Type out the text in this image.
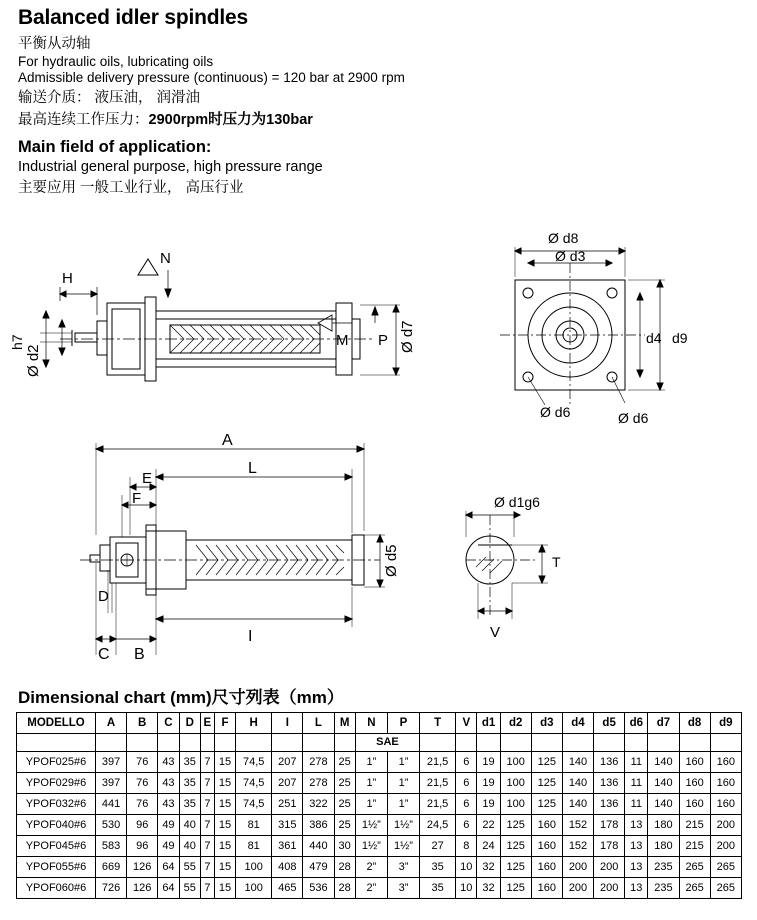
Balanced idler spindles

平衡从动轴

For hydraulic oils, lubricating oils

Admissible delivery pressure (continuous) = 120 bar at 2900 rpm

输送介质： 液压油， 润滑油

最高连续工作压力：2900rpm时压力为130bar

Main field of application:

Industrial general purpose, high pressure range

主要应用 一般工业行业， 高压行业

H
N
h7
Ø d2
P
M	Ø d7
Ø d8
Ø d3
d4 d9
Ø d6	Ø d6
A
E
F
L
Ø d5
D
C B
I
Ø d1g6
T
V
Dimensional chart (mm)尺寸列表（mm）
MODELLO	A	B	C	D	E	F	H	I	L	M	N	P	T	V	d1	d2	d3	d4	d5	d6	d7	d8	d9
											SAE												
YPOF025#6	397	76	43	35	7	15	74,5	207	278	25	1”	1”	21,5	6	19	100	125	140	136	11	140	160	160
YPOF029#6	397	76	43	35	7	15	74,5	207	278	25	1”	1”	21,5	6	19	100	125	140	136	11	140	160	160
YPOF032#6	441	76	43	35	7	15	74,5	251	322	25	1”	1”	21,5	6	19	100	125	140	136	11	140	160	160
YPOF040#6	530	96	49	40	7	15	81	315	386	25	1½”	1½”	24,5	6	22	125	160	152	178	13	180	215	200
YPOF045#6	583	96	49	40	7	15	81	361	440	30	1½”	1½”	27	8	24	125	160	152	178	13	180	215	200
YPOF055#6	669	126	64	55	7	15	100	408	479	28	2”	3”	35	10	32	125	160	200	200	13	235	265	265
YPOF060#6	726	126	64	55	7	15	100	465	536	28	2”	3”	35	10	32	125	160	200	200	13	235	265	265
